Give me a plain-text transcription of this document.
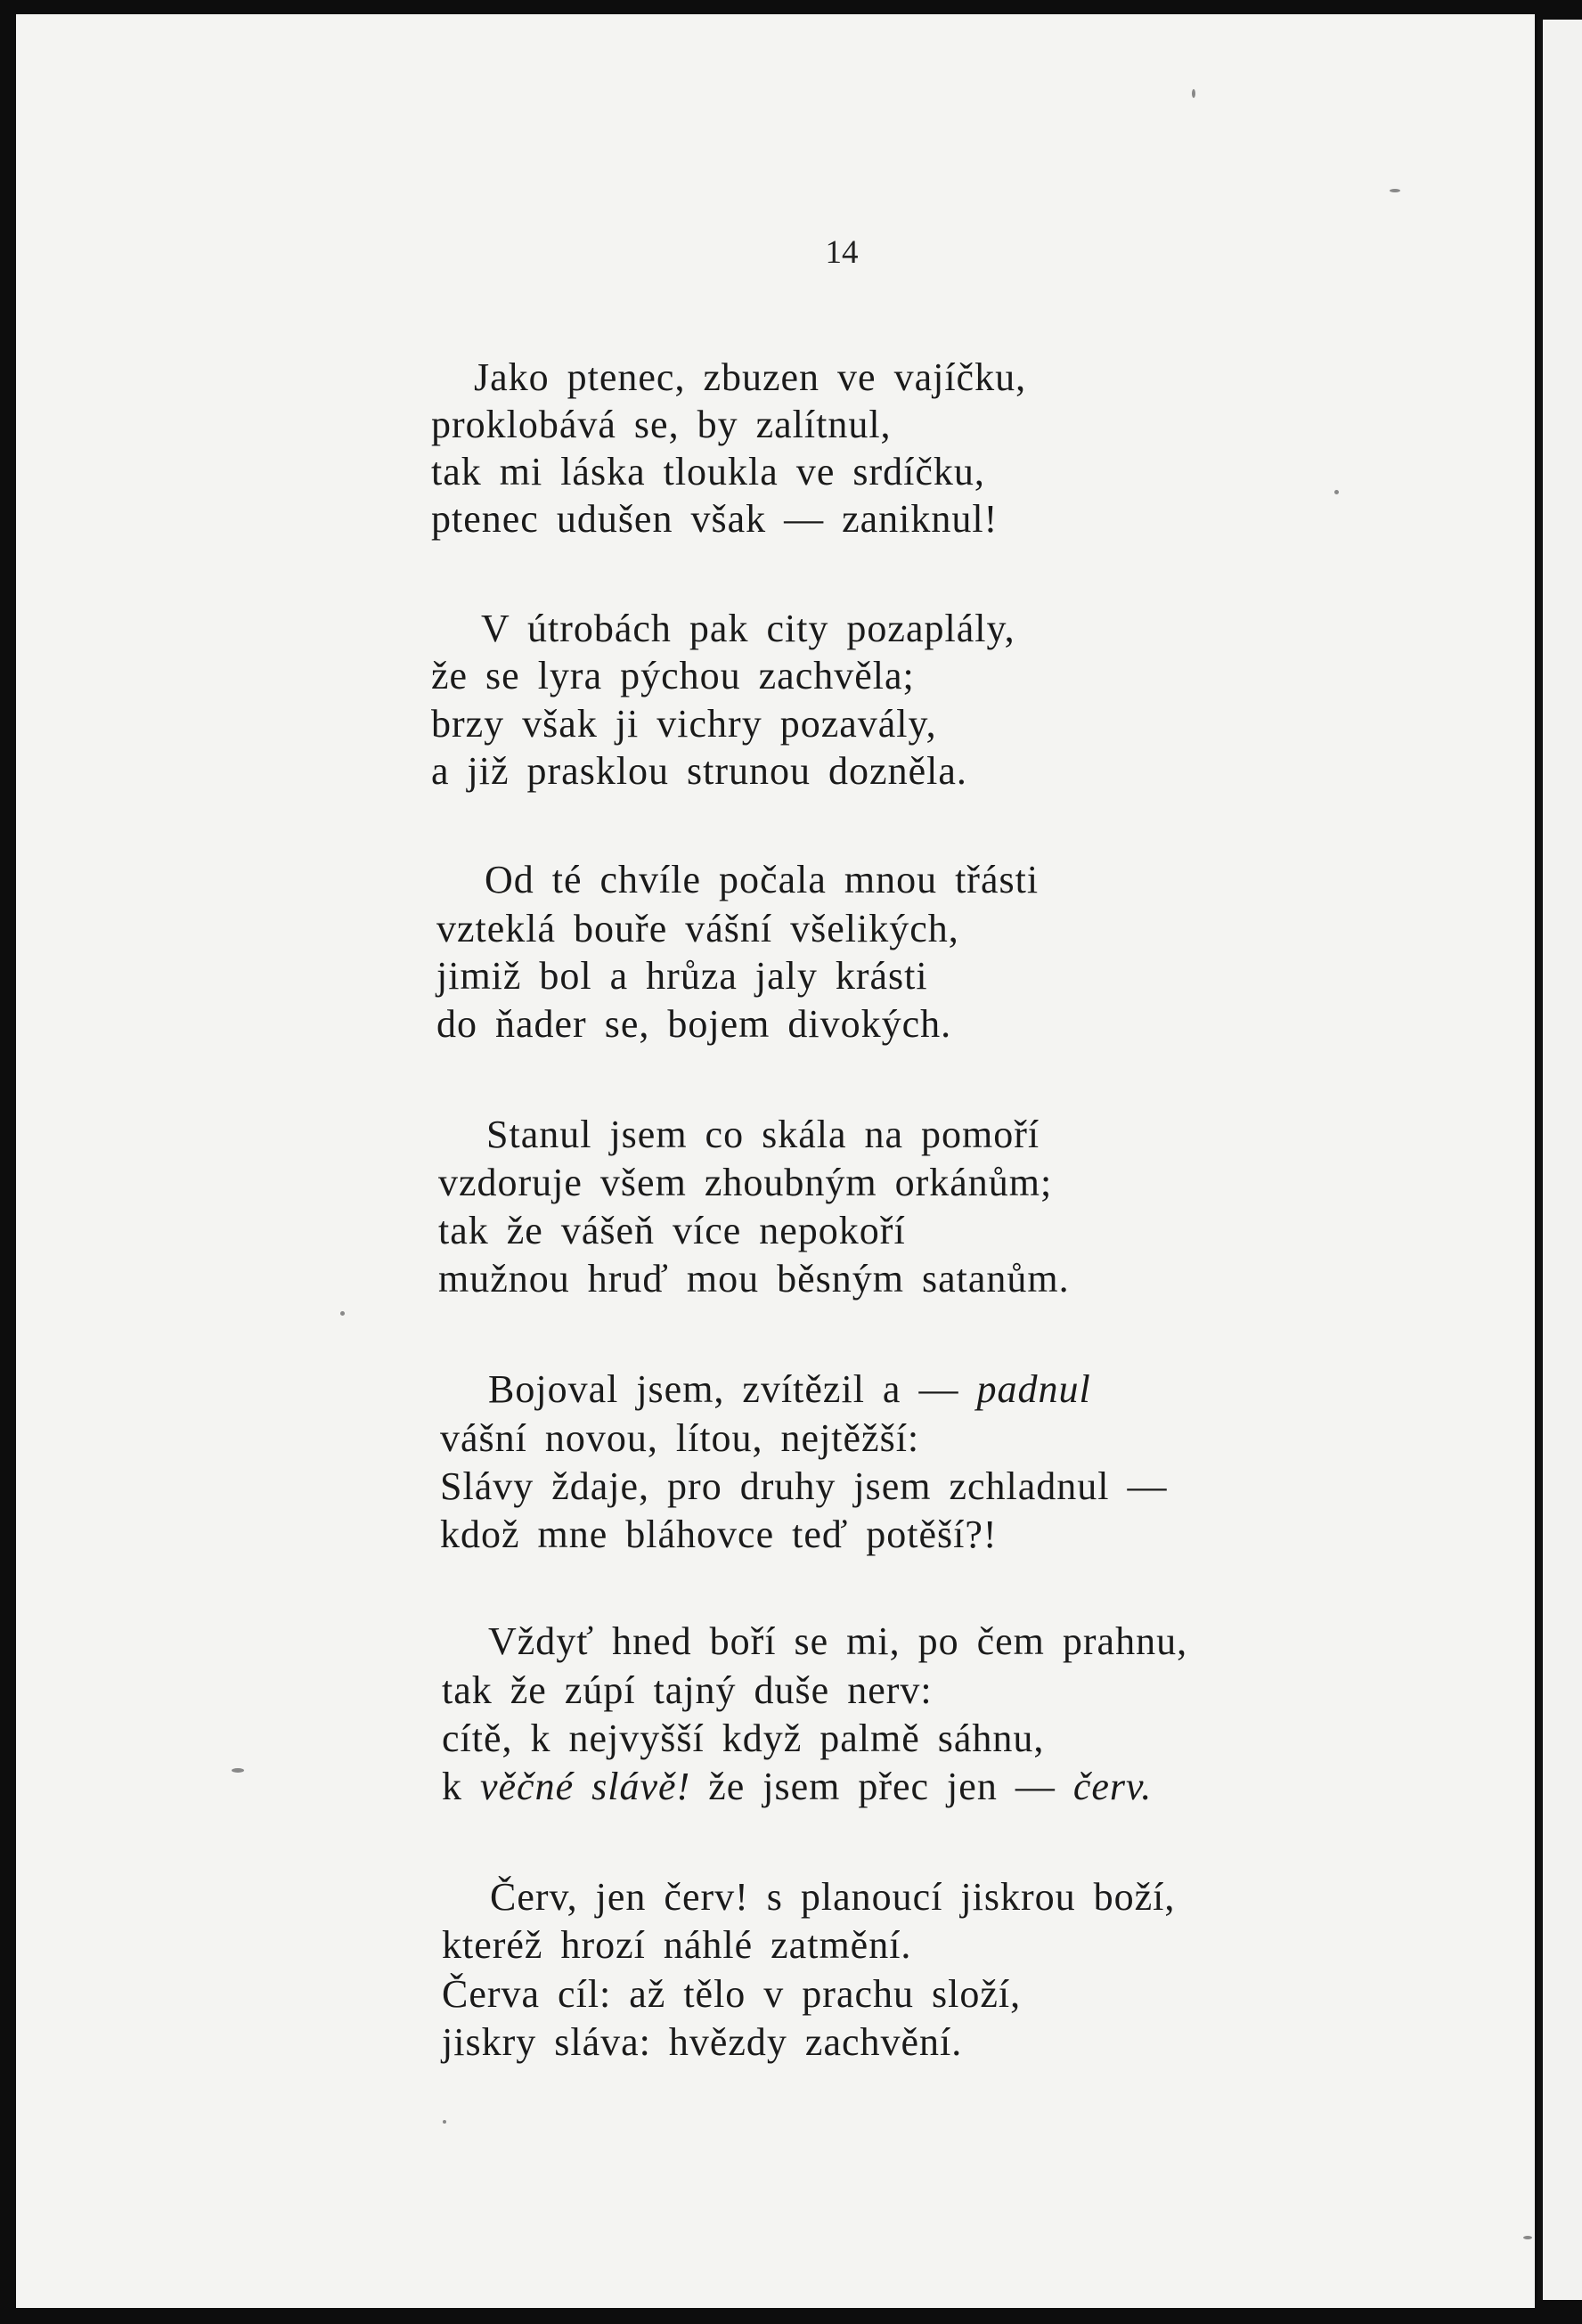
14
Jako ptenec, zbuzen ve vajíčku,
proklobává se, by zalítnul,
tak mi láska tloukla ve srdíčku,
ptenec udušen však — zaniknul!
V útrobách pak city pozaplály,
že se lyra pýchou zachvěla;
brzy však ji vichry pozavály,
a již prasklou strunou dozněla.
Od té chvíle počala mnou třásti
vzteklá bouře vášní všelikých,
jimiž bol a hrůza jaly krásti
do ňader se, bojem divokých.
Stanul jsem co skála na pomoří
vzdoruje všem zhoubným orkánům;
tak že vášeň více nepokoří
mužnou hruď mou běsným satanům.
Bojoval jsem, zvítězil a — padnul
vášní novou, lítou, nejtěžší:
Slávy ždaje, pro druhy jsem zchladnul —
kdož mne bláhovce teď potěší?!
Vždyť hned boří se mi, po čem prahnu,
tak že zúpí tajný duše nerv:
cítě, k nejvyšší když palmě sáhnu,
k věčné slávě! že jsem přec jen — červ.
Červ, jen červ! s planoucí jiskrou boží,
kteréž hrozí náhlé zatmění.
Červa cíl: až tělo v prachu složí,
jiskry sláva: hvězdy zachvění.
